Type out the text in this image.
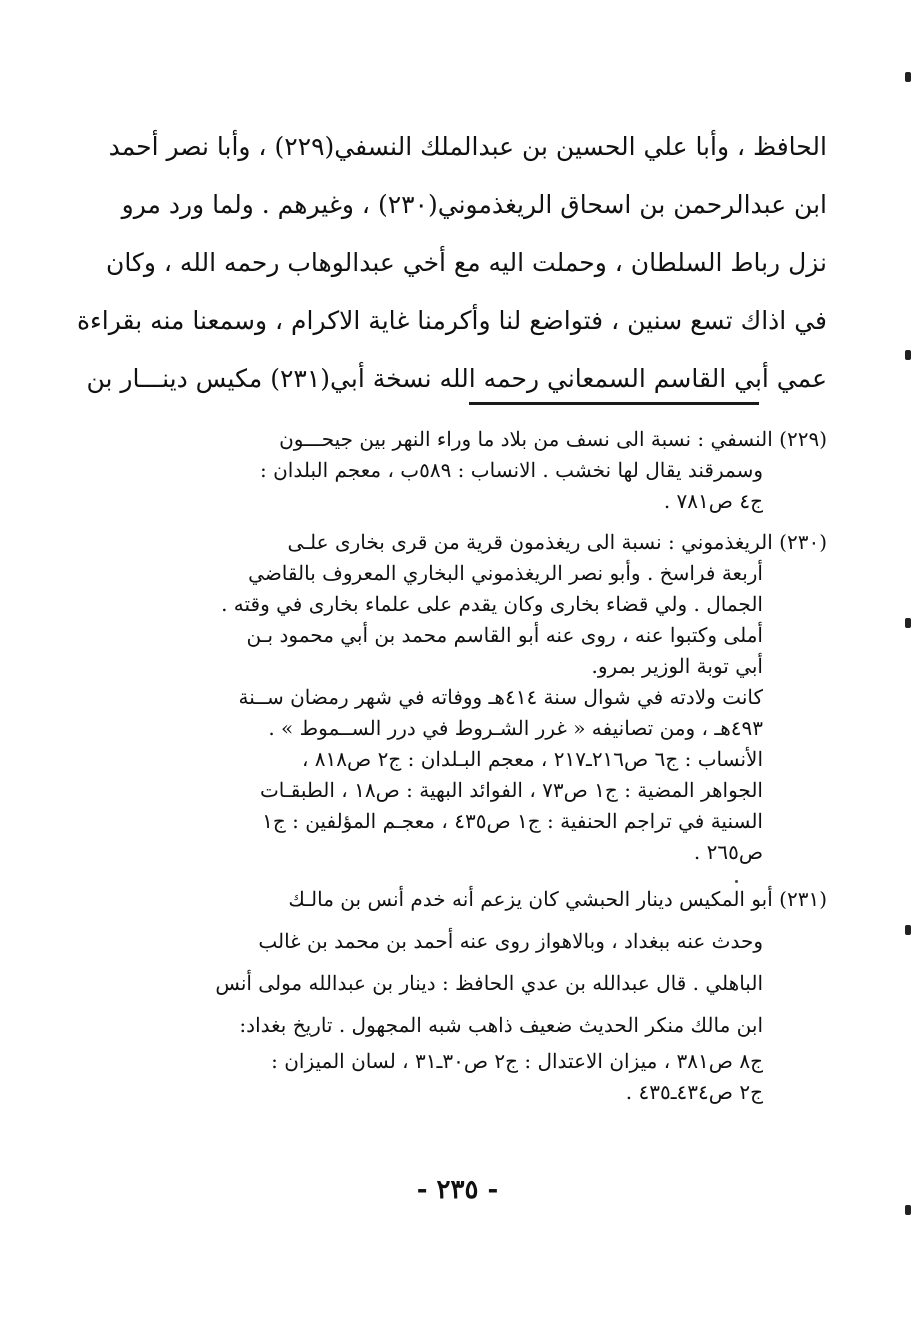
الحافظ ، وأبا علي الحسين بن عبدالملك النسفي(٢٢٩) ، وأبا نصر أحمد
ابن عبدالرحمن بن اسحاق الريغذموني(٢٣٠) ، وغيرهم . ولما ورد مرو
نزل رباط السلطان ، وحملت اليه مع أخي عبدالوهاب رحمه الله ، وكان
في اذاك تسع سنين ، فتواضع لنا وأكرمنا غاية الاكرام ، وسمعنا منه بقراءة
عمي أبي القاسم السمعاني رحمه الله نسخة أبي(٢٣١) مكيس دينـــار بن
(٢٢٩) النسفي : نسبة الى نسف من بلاد ما وراء النهر بين جيحـــون
وسمرقند يقال لها نخشب . الانساب : ٥٨٩ب ، معجم البلدان :
ج٤ ص٧٨١ .
(٢٣٠) الريغذموني : نسبة الى ريغذمون قرية من قرى بخارى علـى
أربعة فراسخ . وأبو نصر الريغذموني البخاري المعروف بالقاضي
الجمال . ولي قضاء بخارى وكان يقدم على علماء بخارى في وقته .
أملى وكتبوا عنه ، روى عنه أبو القاسم محمد بن أبي محمود بـن
أبي توبة الوزير بمرو.
كانت ولادته في شوال سنة ٤١٤هـ ووفاته في شهر رمضان ســنة
٤٩٣هـ ، ومن تصانيفه « غرر الشـروط في درر الســموط » .
الأنساب : ج٦ ص٢١٦ـ٢١٧ ، معجم البـلدان : ج٢ ص٨١٨ ،
الجواهر المضية : ج١ ص٧٣ ، الفوائد البهية : ص١٨ ، الطبقـات
السنية في تراجم الحنفية : ج١ ص٤٣٥ ، معجـم المؤلفين : ج١
ص٢٦٥ .
(٢٣١) أبو المكيس دينار الحبشي كان يزعم أنه خدم أنس بن مالـك
وحدث عنه ببغداد ، وبالاهواز روى عنه أحمد بن محمد بن غالب
الباهلي . قال عبدالله بن عدي الحافظ : دينار بن عبدالله مولى أنس
ابن مالك منكر الحديث ضعيف ذاهب شبه المجهول . تاريخ بغداد:
ج٨ ص٣٨١ ، ميزان الاعتدال : ج٢ ص٣٠ـ٣١ ، لسان الميزان :
ج٢ ص٤٣٤ـ٤٣٥ .
- ٢٣٥ -
